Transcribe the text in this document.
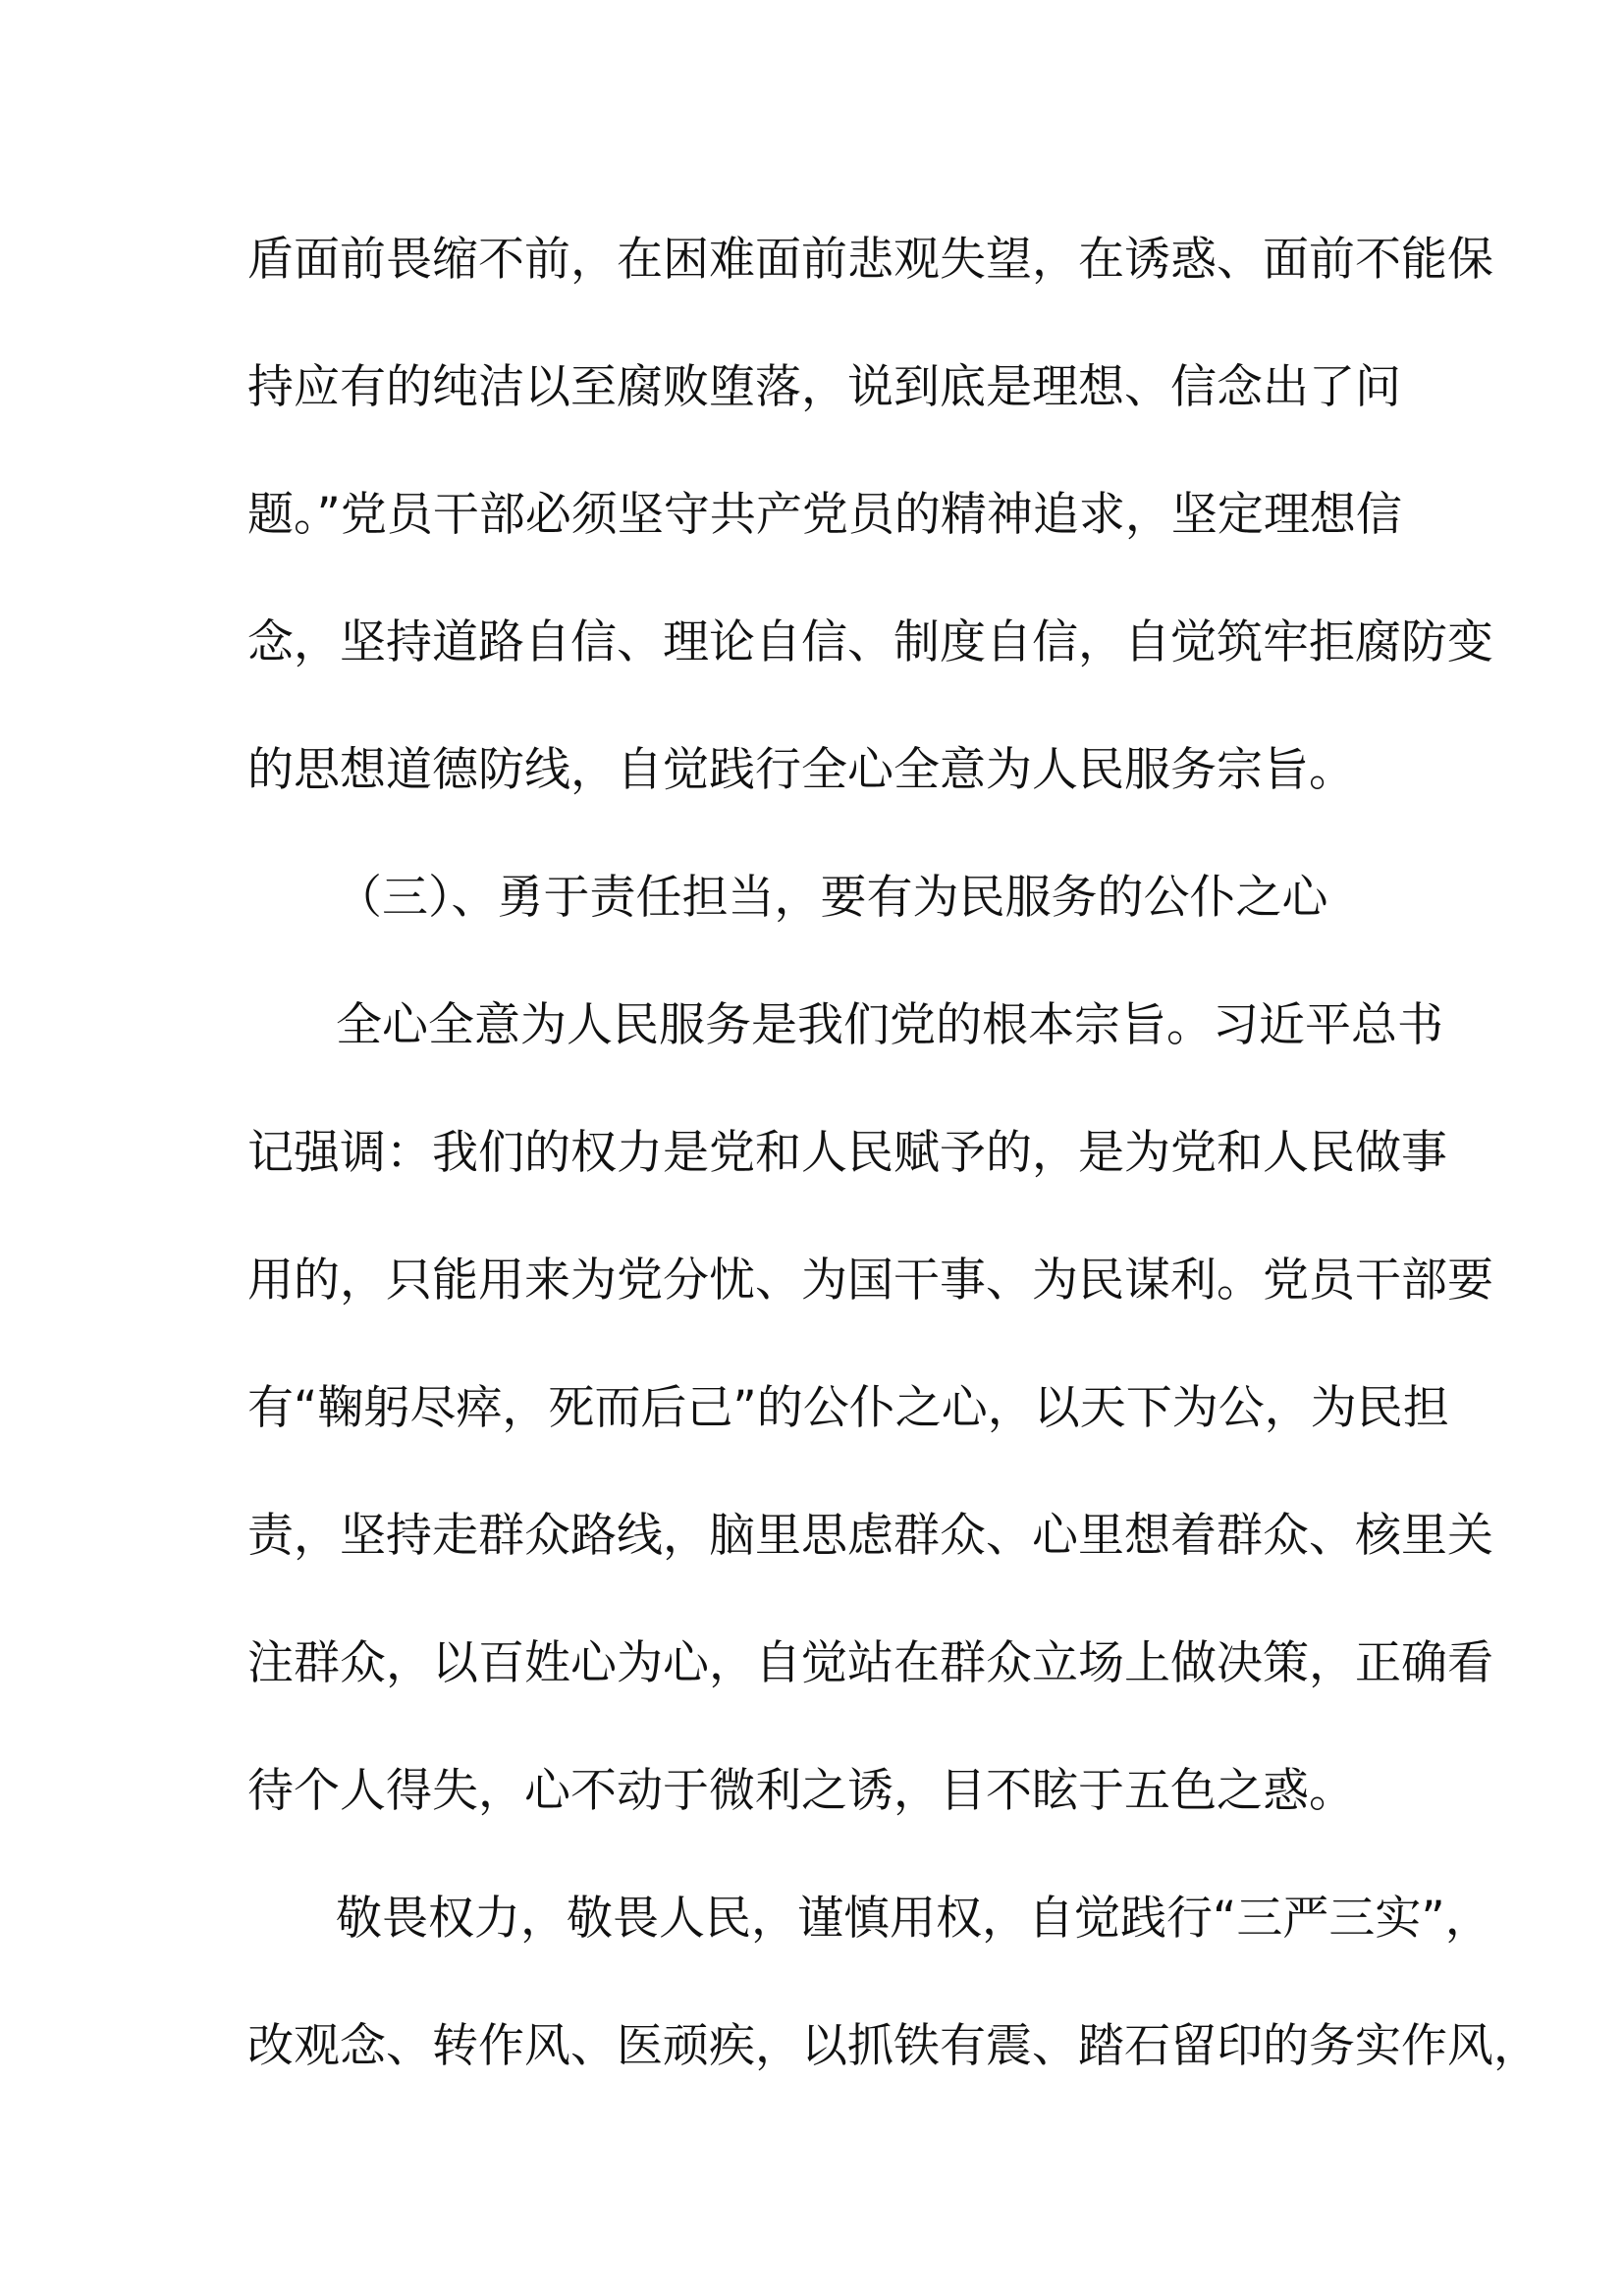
盾面前畏缩不前，在困难面前悲观失望，在诱惑、面前不能保
持应有的纯洁以至腐败堕落，说到底是理想、信念出了问
题。”党员干部必须坚守共产党员的精神追求，坚定理想信
念，坚持道路自信、理论自信、制度自信，自觉筑牢拒腐防变
的思想道德防线，自觉践行全心全意为人民服务宗旨。
（三）、勇于责任担当，要有为民服务的公仆之心
全心全意为人民服务是我们党的根本宗旨。习近平总书
记强调：我们的权力是党和人民赋予的，是为党和人民做事
用的，只能用来为党分忧、为国干事、为民谋利。党员干部要
有“鞠躬尽瘁，死而后己”的公仆之心，以天下为公，为民担
责，坚持走群众路线，脑里思虑群众、心里想着群众、核里关
注群众，以百姓心为心，自觉站在群众立场上做决策，正确看
待个人得失，心不动于微利之诱，目不眩于五色之惑。
敬畏权力，敬畏人民，谨慎用权，自觉践行“三严三实”，
改观念、转作风、医顽疾，以抓铁有震、踏石留印的务实作风，
